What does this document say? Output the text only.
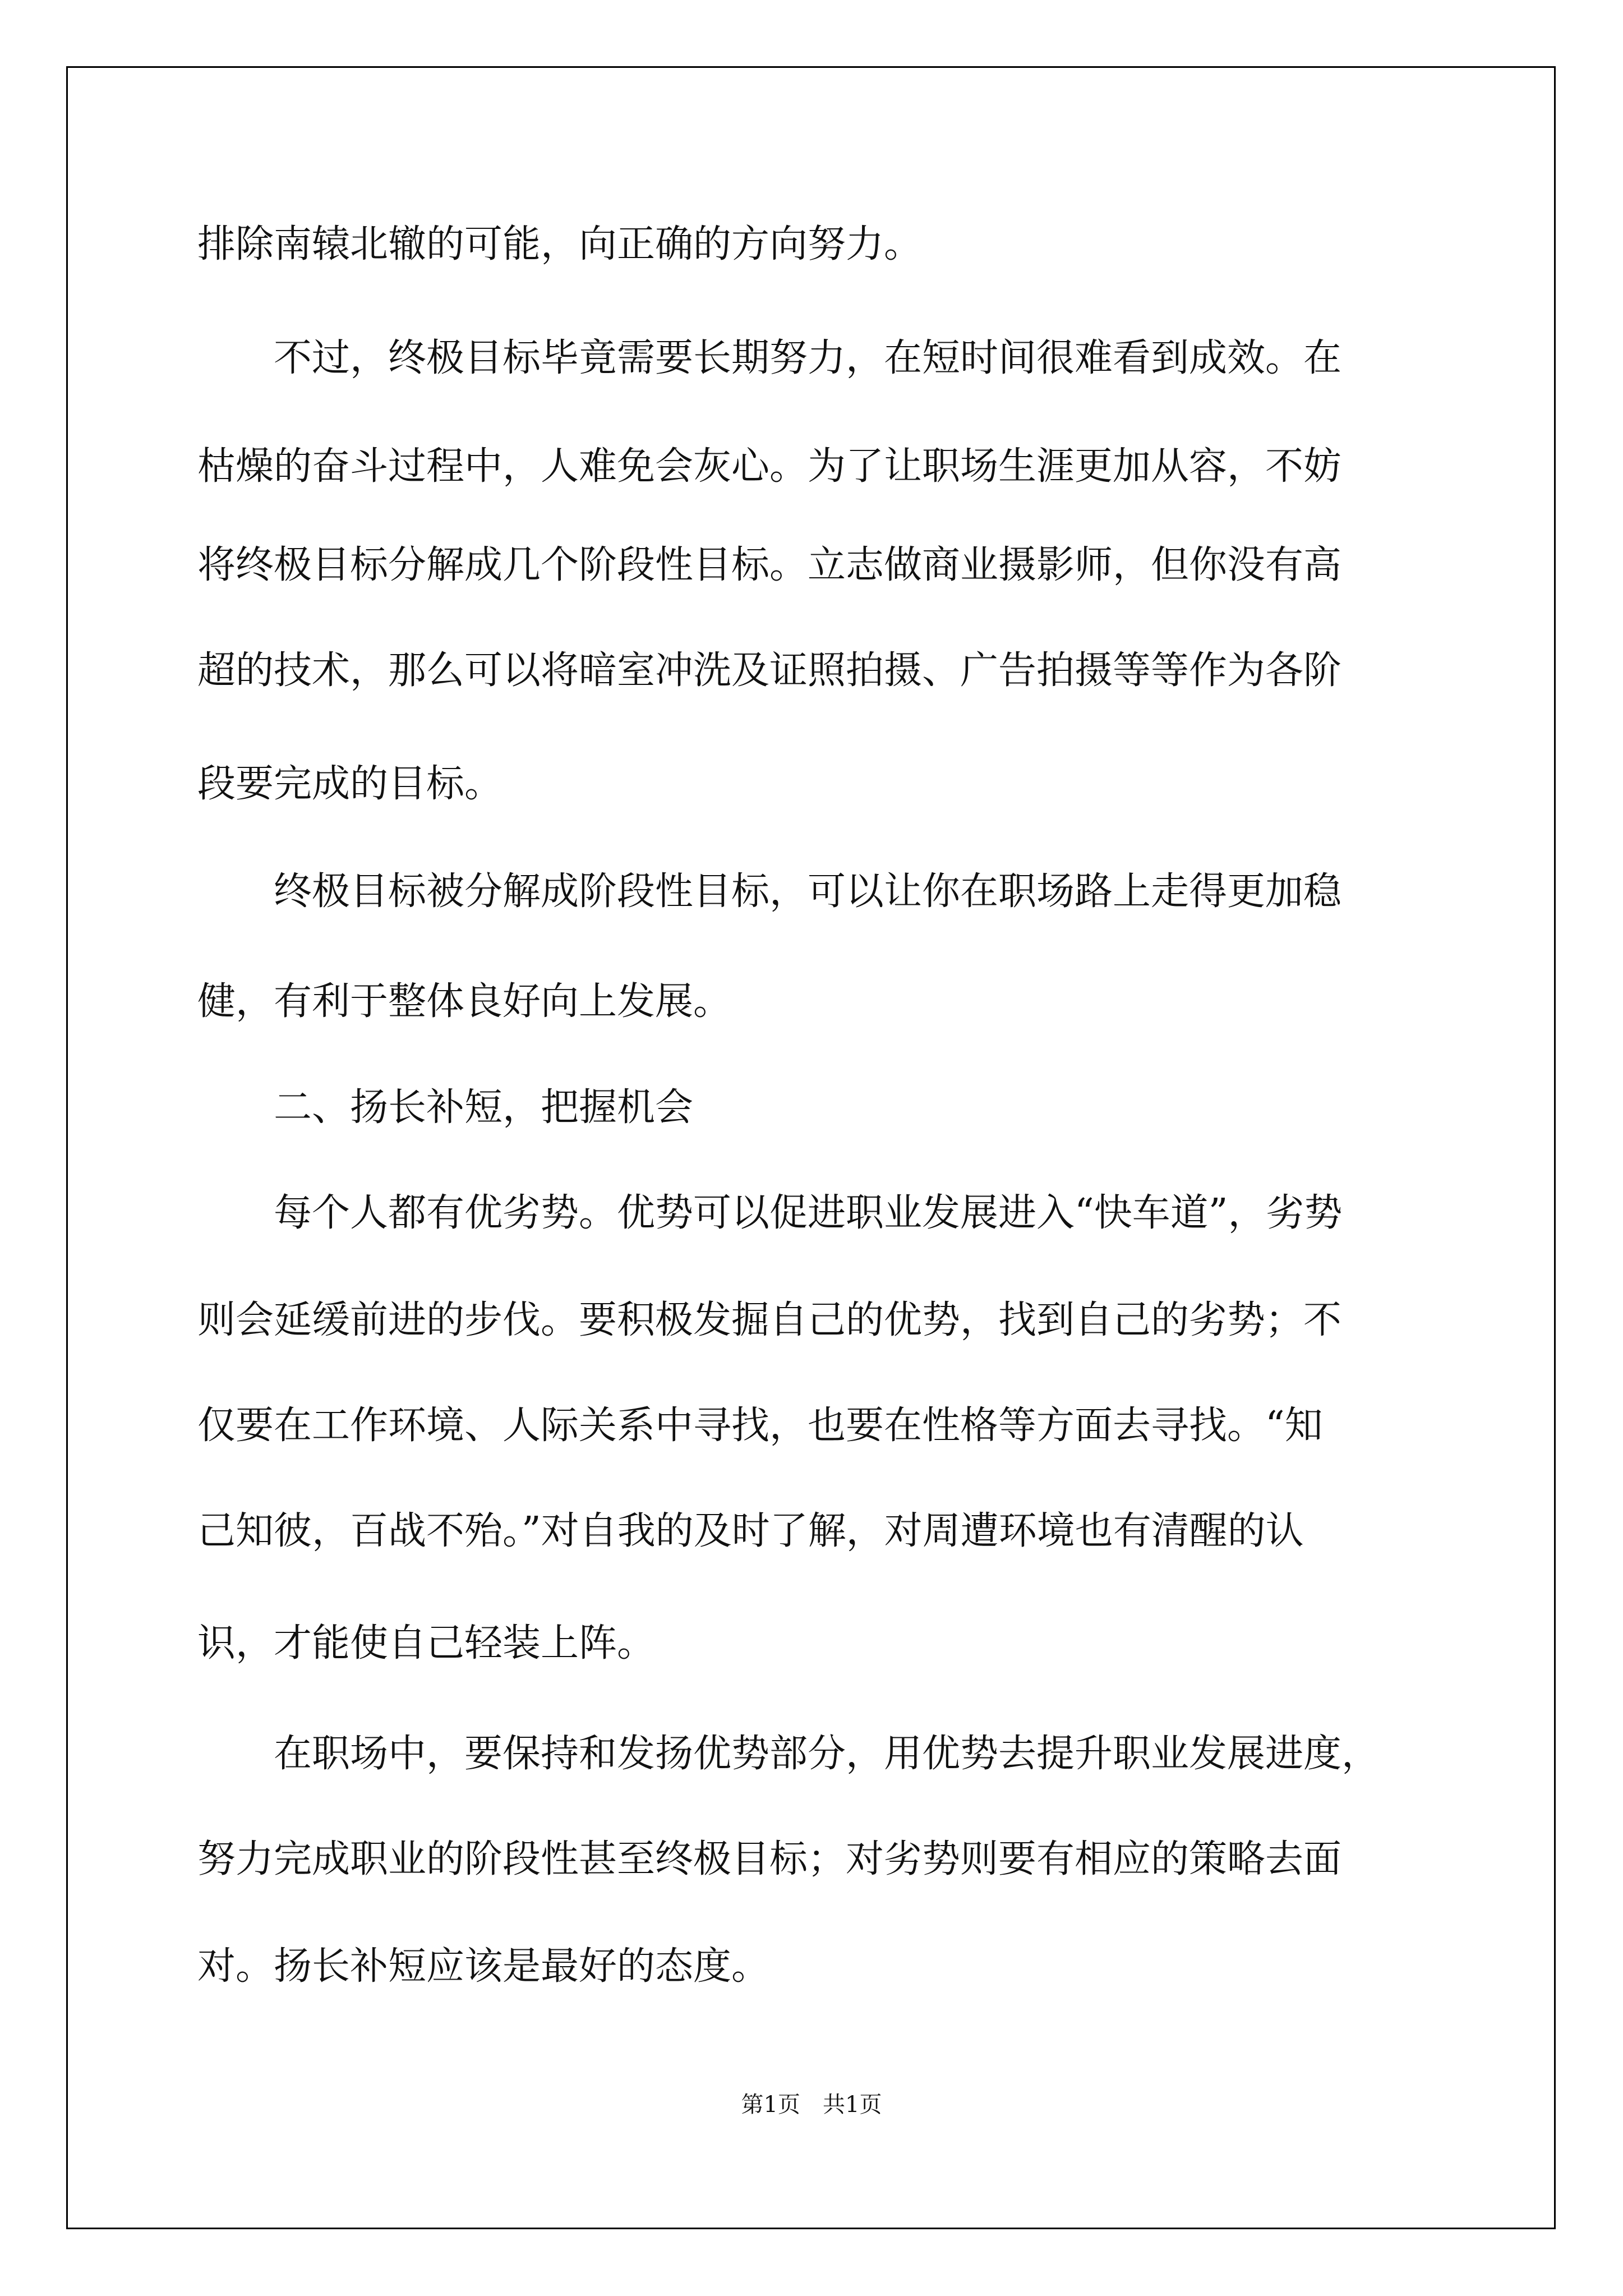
排除南辕北辙的可能，向正确的方向努力。

　　不过，终极目标毕竟需要长期努力，在短时间很难看到成效。在

枯燥的奋斗过程中，人难免会灰心。为了让职场生涯更加从容，不妨

将终极目标分解成几个阶段性目标。立志做商业摄影师，但你没有高

超的技术，那么可以将暗室冲洗及证照拍摄、广告拍摄等等作为各阶

段要完成的目标。

　　终极目标被分解成阶段性目标，可以让你在职场路上走得更加稳

健，有利于整体良好向上发展。

　　二、扬长补短，把握机会

　　每个人都有优劣势。优势可以促进职业发展进入“快车道”，劣势

则会延缓前进的步伐。要积极发掘自己的优势，找到自己的劣势；不

仅要在工作环境、人际关系中寻找，也要在性格等方面去寻找。“知

己知彼，百战不殆。”对自我的及时了解，对周遭环境也有清醒的认

识，才能使自己轻装上阵。

　　在职场中，要保持和发扬优势部分，用优势去提升职业发展进度，

努力完成职业的阶段性甚至终极目标；对劣势则要有相应的策略去面

对。扬长补短应该是最好的态度。

第1页　共1页
